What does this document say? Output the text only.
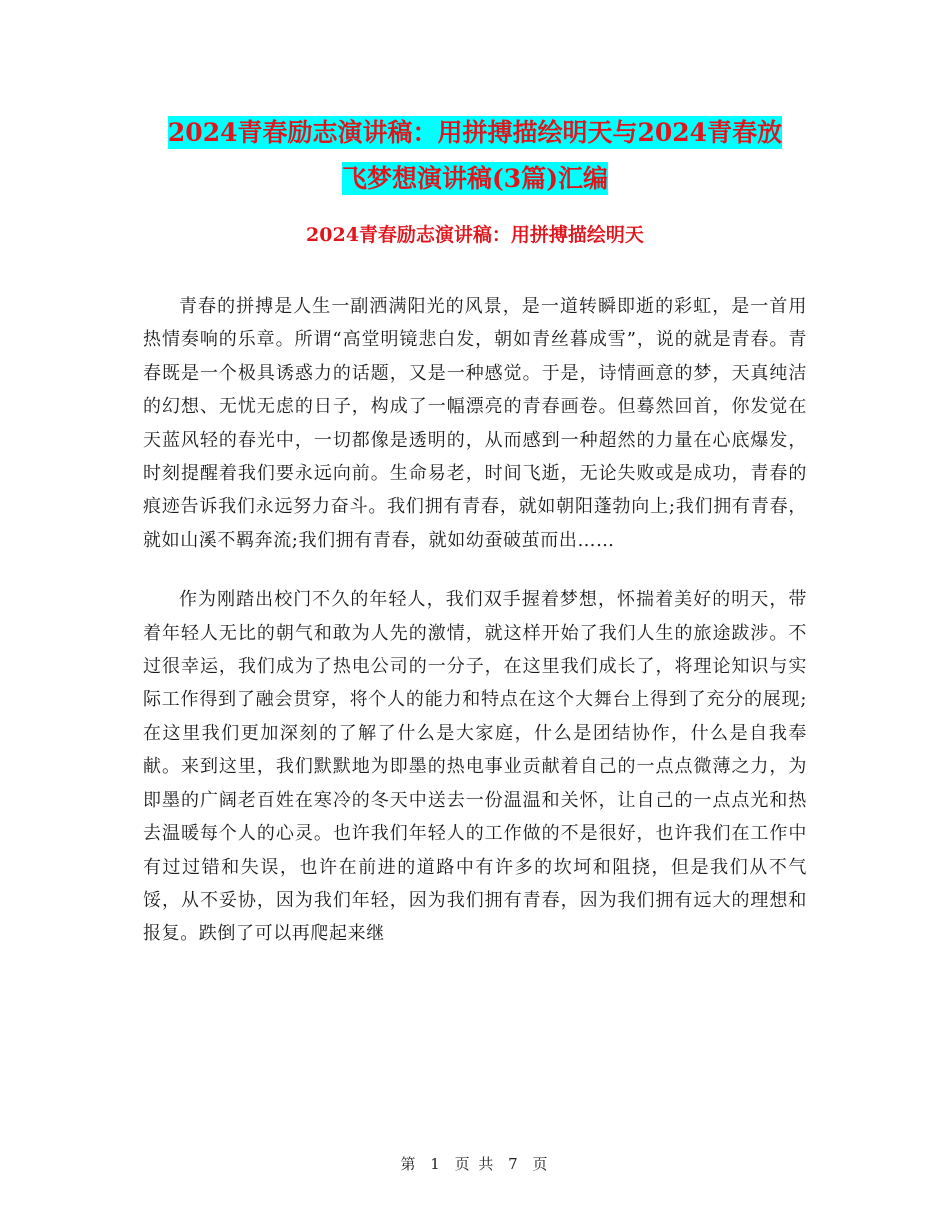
2024青春励志演讲稿：用拼搏描绘明天与2024青春放
飞梦想演讲稿(3篇)汇编
2024青春励志演讲稿：用拼搏描绘明天

青春的拼搏是人生一副洒满阳光的风景，是一道转瞬即逝的彩虹，是一首用热情奏响的乐章。所谓“高堂明镜悲白发，朝如青丝暮成雪”，说的就是青春。青春既是一个极具诱惑力的话题，又是一种感觉。于是，诗情画意的梦，天真纯洁的幻想、无忧无虑的日子，构成了一幅漂亮的青春画卷。但蓦然回首，你发觉在天蓝风轻的春光中，一切都像是透明的，从而感到一种超然的力量在心底爆发，时刻提醒着我们要永远向前。生命易老，时间飞逝，无论失败或是成功，青春的痕迹告诉我们永远努力奋斗。我们拥有青春，就如朝阳蓬勃向上;我们拥有青春，就如山溪不羁奔流;我们拥有青春，就如幼蚕破茧而出……

作为刚踏出校门不久的年轻人，我们双手握着梦想，怀揣着美好的明天，带着年轻人无比的朝气和敢为人先的激情，就这样开始了我们人生的旅途跋涉。不过很幸运，我们成为了热电公司的一分子，在这里我们成长了，将理论知识与实际工作得到了融会贯穿，将个人的能力和特点在这个大舞台上得到了充分的展现;在这里我们更加深刻的了解了什么是大家庭，什么是团结协作，什么是自我奉献。来到这里，我们默默地为即墨的热电事业贡献着自己的一点点微薄之力，为即墨的广阔老百姓在寒冷的冬天中送去一份温温和关怀，让自己的一点点光和热去温暖每个人的心灵。也许我们年轻人的工作做的不是很好，也许我们在工作中有过过错和失误，也许在前进的道路中有许多的坎坷和阻挠，但是我们从不气馁，从不妥协，因为我们年轻，因为我们拥有青春，因为我们拥有远大的理想和报复。跌倒了可以再爬起来继

第 1 页 共 7 页
